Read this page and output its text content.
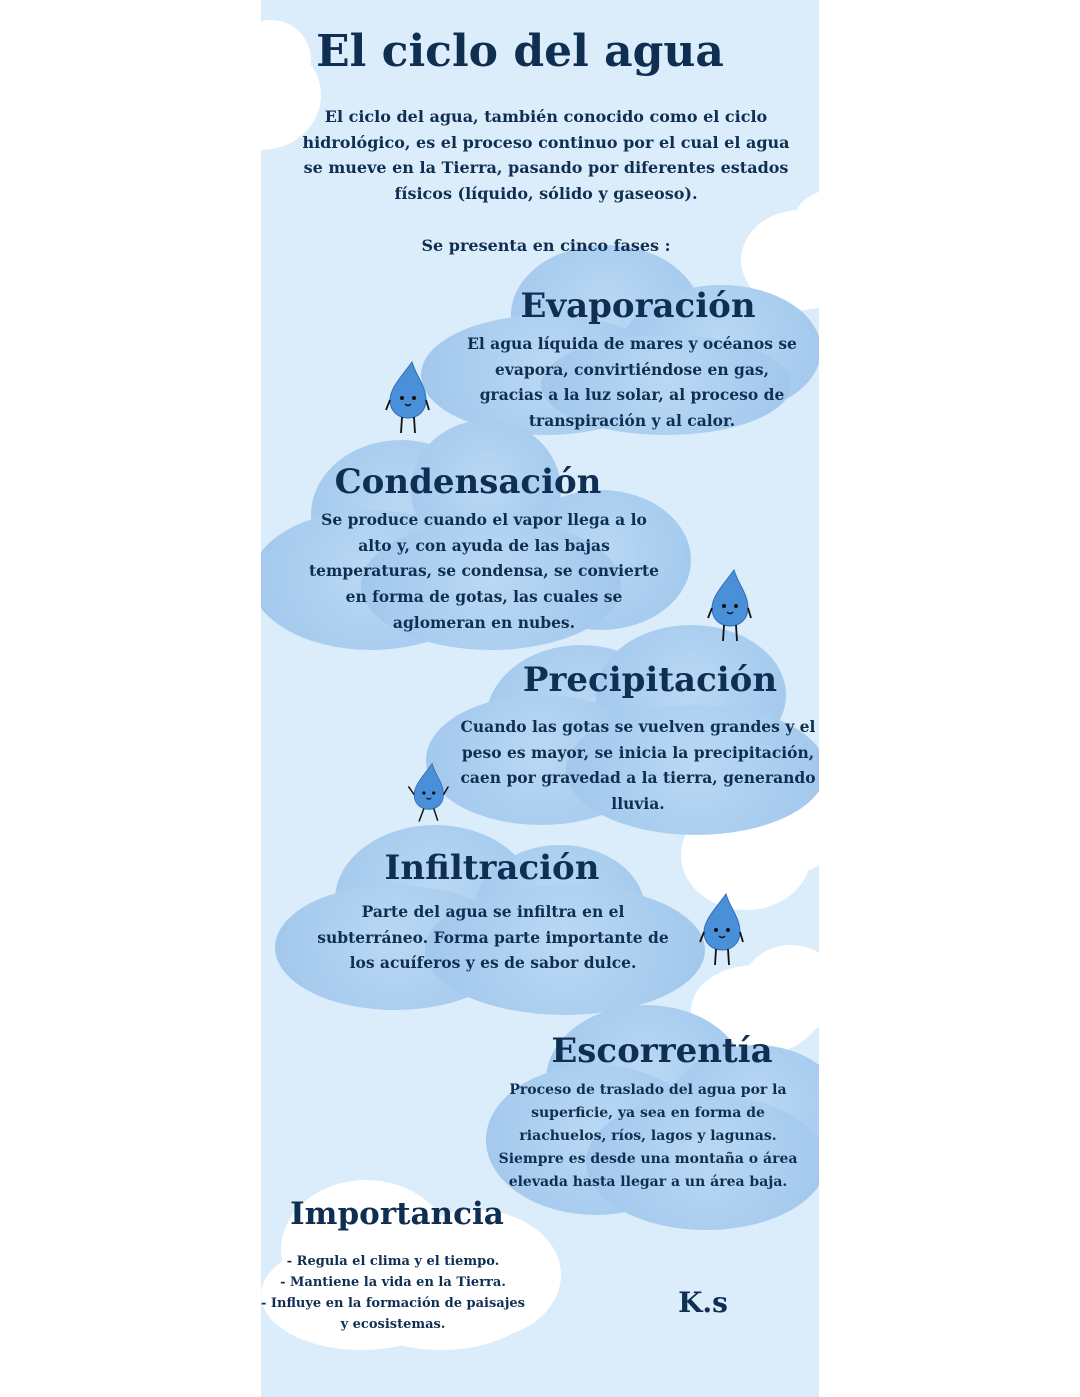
El ciclo del agua
El ciclo del agua, también conocido como el ciclo
hidrológico, es el proceso continuo por el cual el agua
se mueve en la Tierra, pasando por diferentes estados
físicos (líquido, sólido y gaseoso).
Se presenta en cinco fases :
Evaporación
El agua líquida de mares y océanos se
evapora, convirtiéndose en gas,
gracias a la luz solar, al proceso de
transpiración y al calor.
Condensación
Se produce cuando el vapor llega a lo
alto y, con ayuda de las bajas
temperaturas, se condensa, se convierte
en forma de gotas, las cuales se
aglomeran en nubes.
Precipitación
Cuando las gotas se vuelven grandes y el
peso es mayor, se inicia la precipitación,
caen por gravedad a la tierra, generando
lluvia.
Infiltración
Parte del agua se infiltra en el
subterráneo. Forma parte importante de
los acuíferos y es de sabor dulce.
Escorrentía
Proceso de traslado del agua por la
superficie, ya sea en forma de
riachuelos, ríos, lagos y lagunas.
Siempre es desde una montaña o área
elevada hasta llegar a un área baja.
Importancia
- Regula el clima y el tiempo.
- Mantiene la vida en la Tierra.
- Influye en la formación de paisajes
y ecosistemas.
K.s
